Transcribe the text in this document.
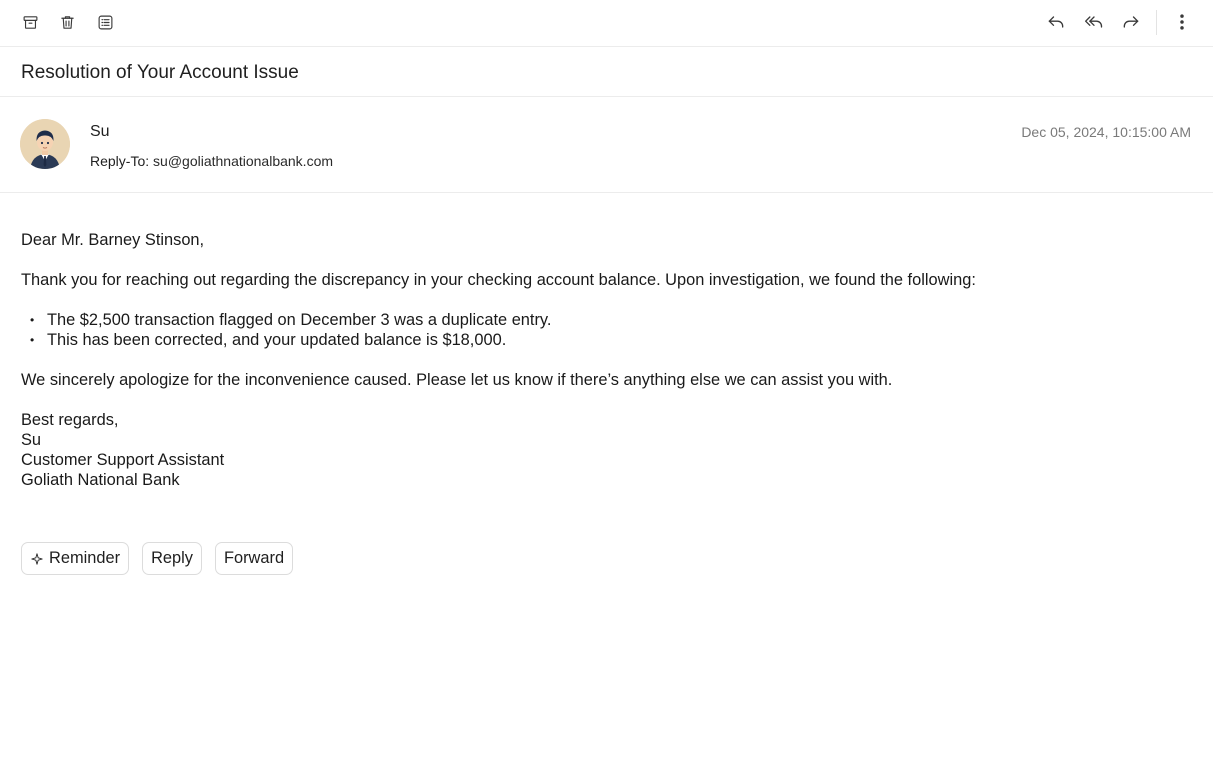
Resolution of Your Account Issue
Su
Reply-To: su@goliathnationalbank.com
Dec 05, 2024, 10:15:00 AM
Dear Mr. Barney Stinson,
Thank you for reaching out regarding the discrepancy in your checking account balance. Upon investigation, we found the following:
• The $2,500 transaction flagged on December 3 was a duplicate entry.
• This has been corrected, and your updated balance is $18,000.
We sincerely apologize for the inconvenience caused. Please let us know if there’s anything else we can assist you with.
Best regards,
Su
Customer Support Assistant
Goliath National Bank
Reminder Reply Forward
